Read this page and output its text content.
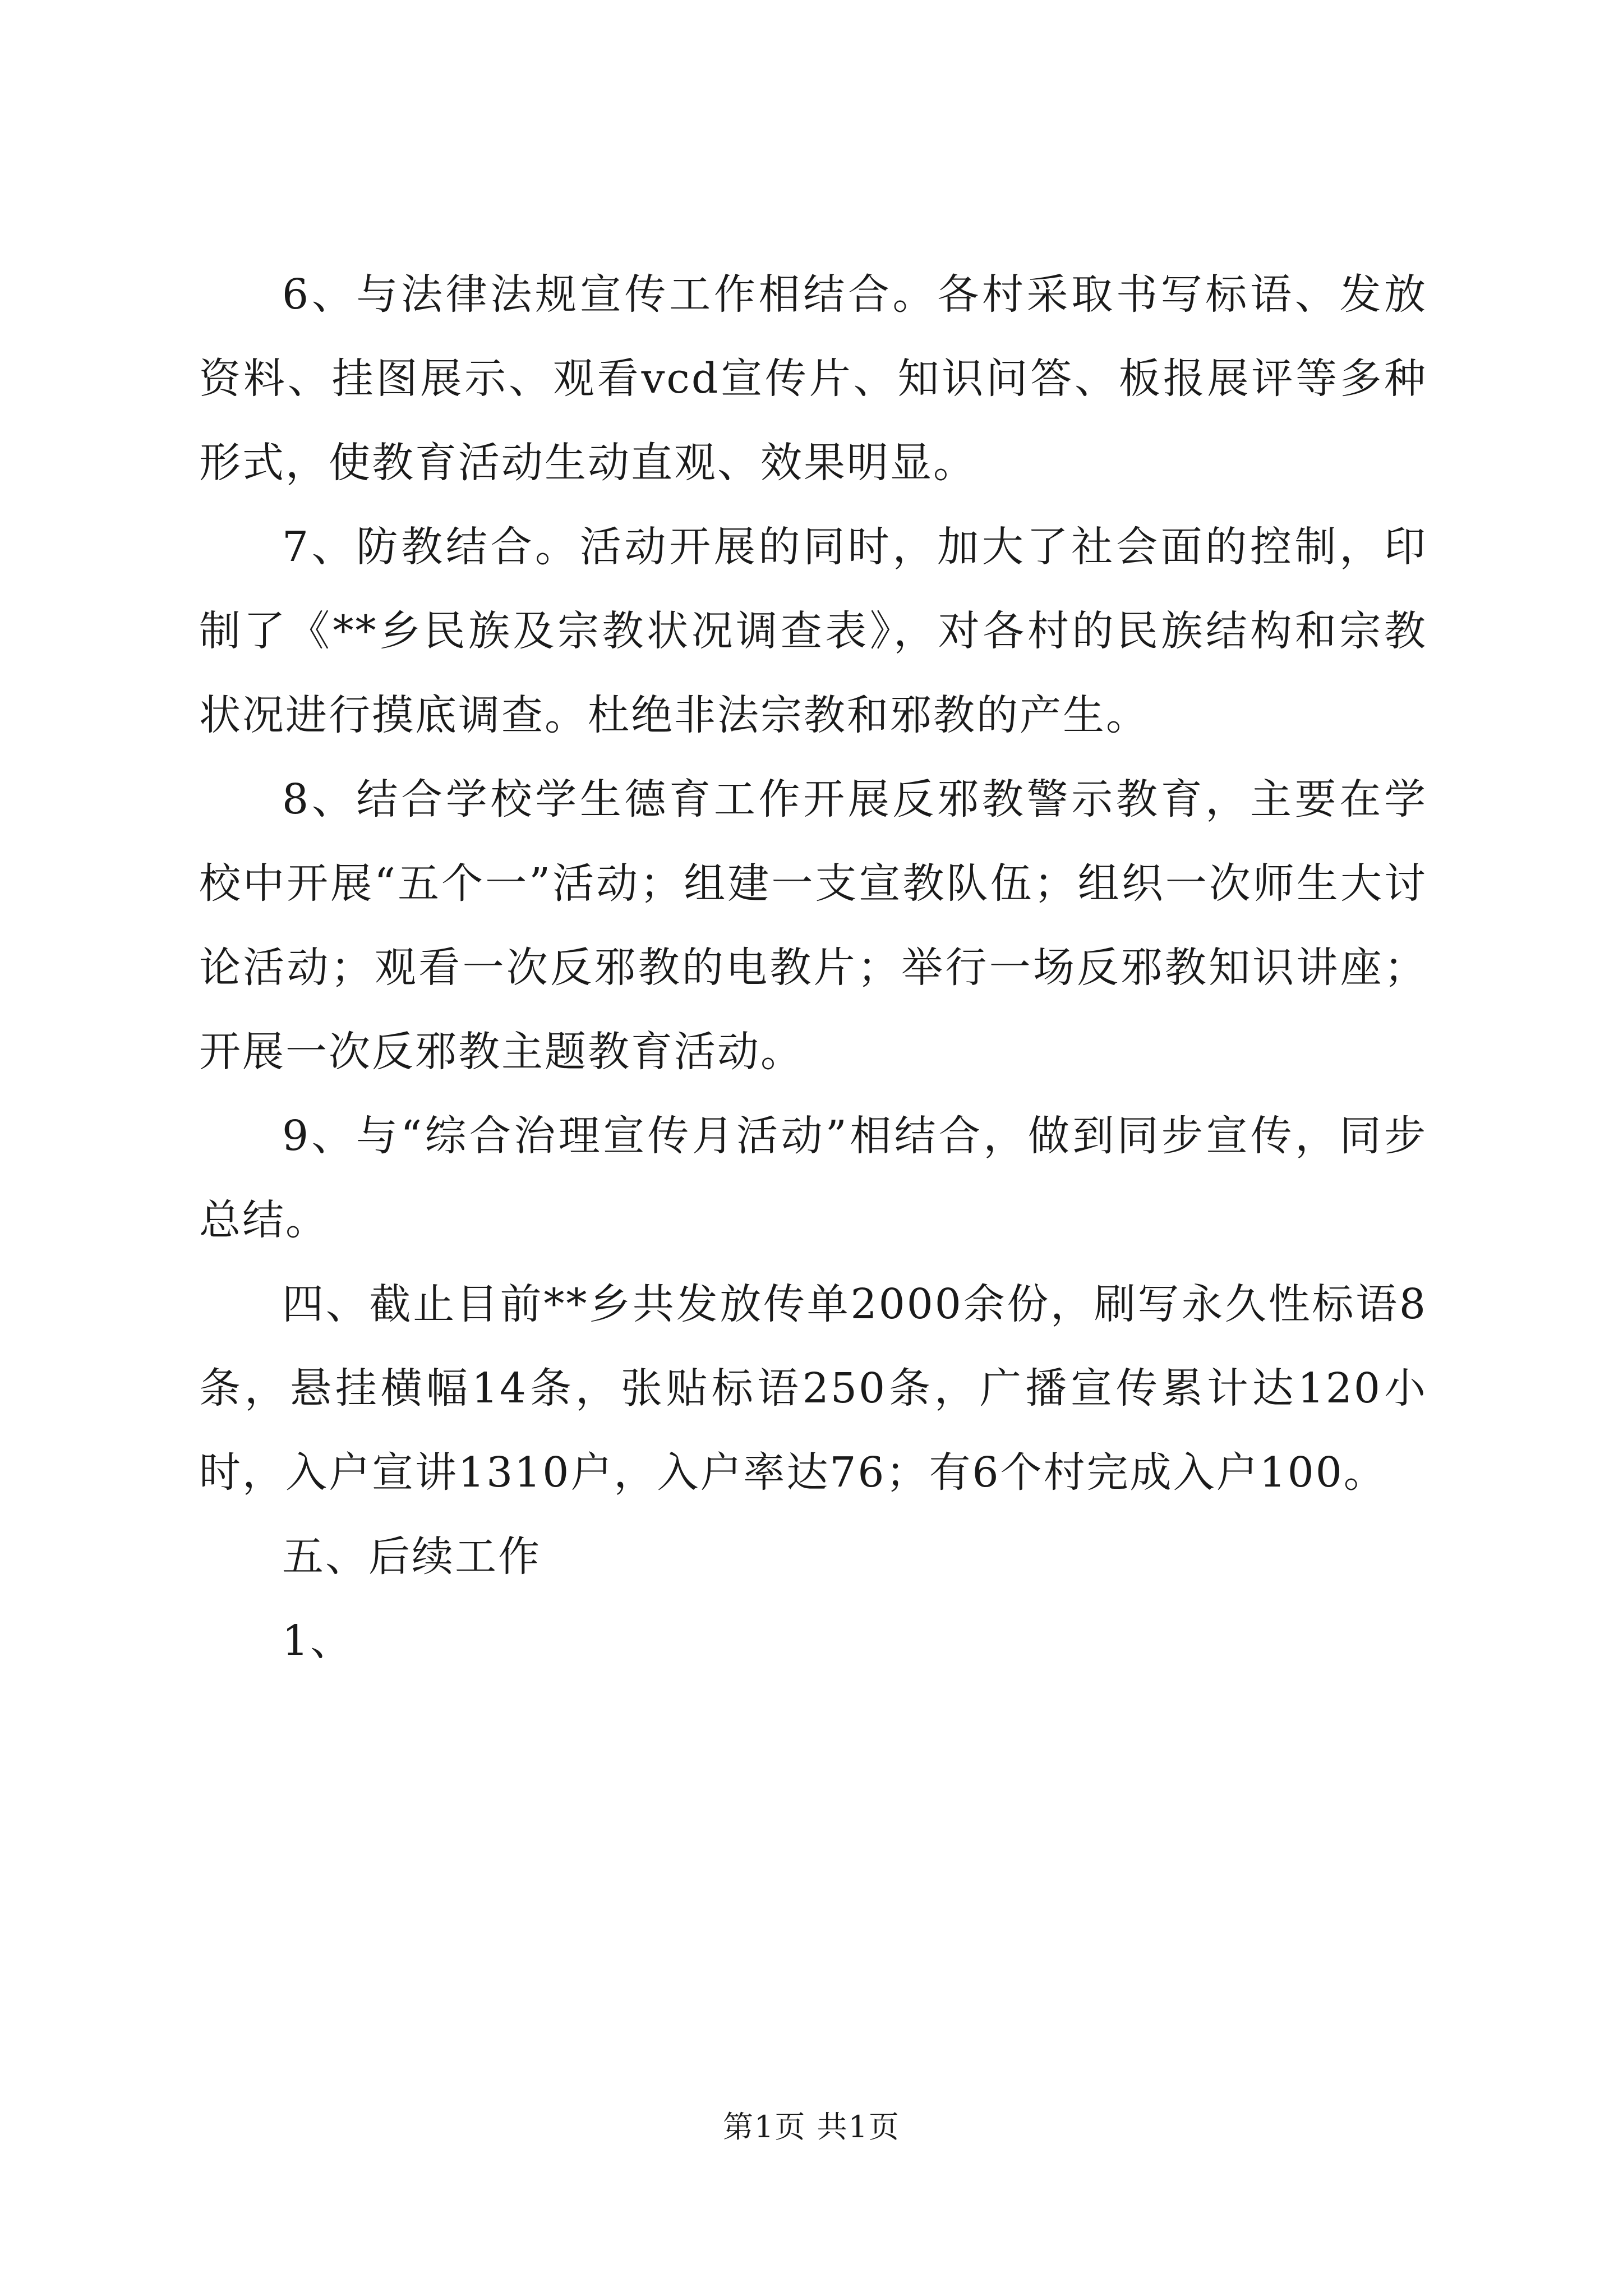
6、与法律法规宣传工作相结合。各村采取书写标语、发放资料、挂图展示、观看vcd宣传片、知识问答、板报展评等多种形式，使教育活动生动直观、效果明显。

7、防教结合。活动开展的同时，加大了社会面的控制，印制了《**乡民族及宗教状况调查表》，对各村的民族结构和宗教状况进行摸底调查。杜绝非法宗教和邪教的产生。

8、结合学校学生德育工作开展反邪教警示教育，主要在学校中开展“五个一”活动；组建一支宣教队伍；组织一次师生大讨论活动；观看一次反邪教的电教片；举行一场反邪教知识讲座；开展一次反邪教主题教育活动。

9、与“综合治理宣传月活动”相结合，做到同步宣传，同步总结。

四、截止目前**乡共发放传单2000余份，刷写永久性标语8条，悬挂横幅14条，张贴标语250条，广播宣传累计达120小时，入户宣讲1310户，入户率达76；有6个村完成入户100。

五、后续工作

1、

第1页 共1页
